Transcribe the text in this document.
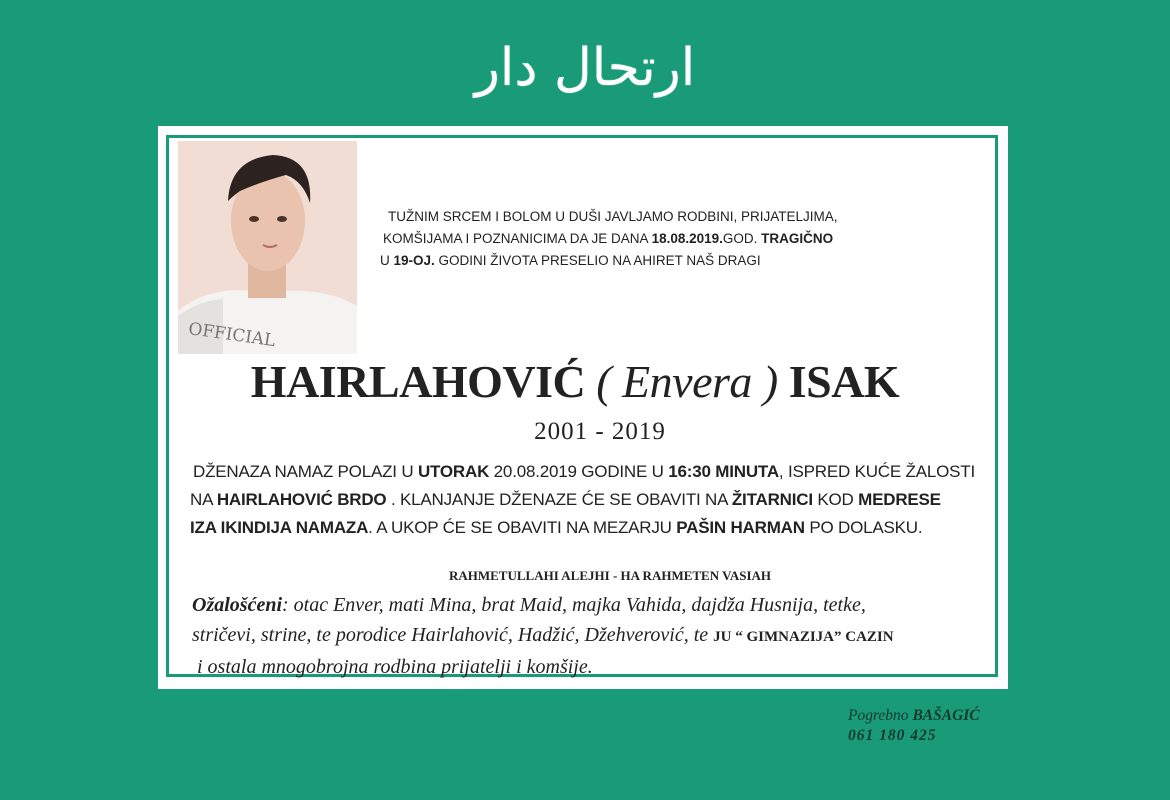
ارتحال دار
OFFICIAL
TUŽNIM SRCEM I BOLOM U DUŠI JAVLJAMO RODBINI, PRIJATELJIMA,
KOMŠIJAMA I POZNANICIMA DA JE DANA 18.08.2019.GOD. TRAGIČNO
U 19-OJ. GODINI ŽIVOTA PRESELIO NA AHIRET NAŠ DRAGI
HAIRLAHOVIĆ ( Envera ) ISAK
2001 - 2019
DŽENAZA NAMAZ POLAZI U UTORAK 20.08.2019 GODINE U 16:30 MINUTA, ISPRED KUĆE ŽALOSTI
NA HAIRLAHOVIĆ BRDO . KLANJANJE DŽENAZE ĆE SE OBAVITI NA ŽITARNICI KOD MEDRESE
IZA IKINDIJA NAMAZA. A UKOP ĆE SE OBAVITI NA MEZARJU PAŠIN HARMAN PO DOLASKU.
RAHMETULLAHI ALEJHI - HA RAHMETEN VASIAH
Ožalošćeni: otac Enver, mati Mina, brat Maid, majka Vahida, dajdža Husnija, tetke,
stričevi, strine, te porodice Hairlahović, Hadžić, Džehverović, te JU “ GIMNAZIJA” CAZIN
i ostala mnogobrojna rodbina prijatelji i komšije.
Pogrebno BAŠAGIĆ
061 180 425
